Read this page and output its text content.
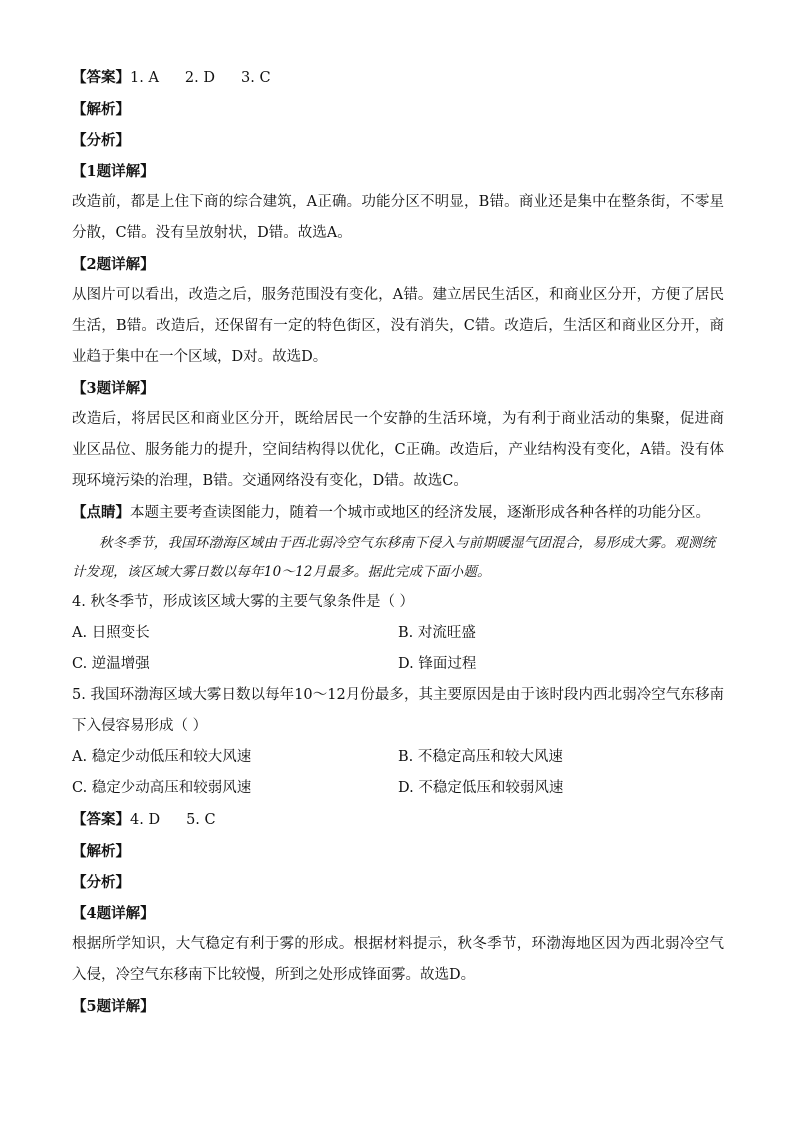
【答案】1. A 2. D 3. C
【解析】
【分析】
【1题详解】
改造前，都是上住下商的综合建筑，A正确。功能分区不明显，B错。商业还是集中在整条街，不零星分散，C错。没有呈放射状，D错。故选A。
【2题详解】
从图片可以看出，改造之后，服务范围没有变化，A错。建立居民生活区，和商业区分开，方便了居民生活，B错。改造后，还保留有一定的特色街区，没有消失，C错。改造后，生活区和商业区分开，商业趋于集中在一个区域，D对。故选D。
【3题详解】
改造后，将居民区和商业区分开，既给居民一个安静的生活环境，为有利于商业活动的集聚，促进商业区品位、服务能力的提升，空间结构得以优化，C正确。改造后，产业结构没有变化，A错。没有体现环境污染的治理，B错。交通网络没有变化，D错。故选C。
【点睛】本题主要考查读图能力，随着一个城市或地区的经济发展，逐渐形成各种各样的功能分区。
秋冬季节，我国环渤海区域由于西北弱冷空气东移南下侵入与前期暖湿气团混合，易形成大雾。观测统计发现，该区域大雾日数以每年10～12月最多。据此完成下面小题。
4. 秋冬季节，形成该区域大雾的主要气象条件是（ ）
A. 日照变长	B. 对流旺盛
C. 逆温增强	D. 锋面过程
5. 我国环渤海区域大雾日数以每年10～12月份最多，其主要原因是由于该时段内西北弱冷空气东移南下入侵容易形成（ ）
A. 稳定少动低压和较大风速	B. 不稳定高压和较大风速
C. 稳定少动高压和较弱风速	D. 不稳定低压和较弱风速
【答案】4. D 5. C
【解析】
【分析】
【4题详解】
根据所学知识，大气稳定有利于雾的形成。根据材料提示，秋冬季节，环渤海地区因为西北弱冷空气入侵，冷空气东移南下比较慢，所到之处形成锋面雾。故选D。
【5题详解】
